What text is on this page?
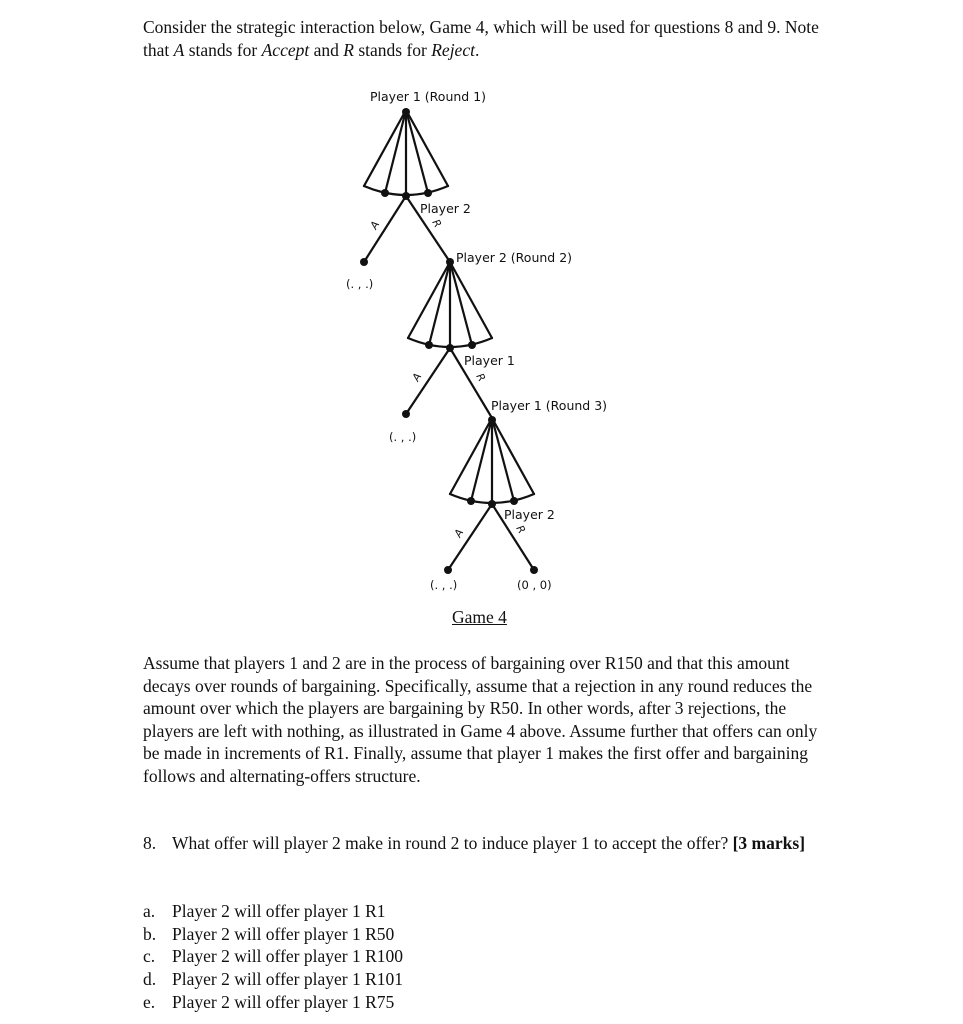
Consider the strategic interaction below, Game 4, which will be used for questions 8 and 9. Note that A stands for Accept and R stands for Reject.
Player 1 (Round 1)
Player 2
Player 2 (Round 2)
Player 1
Player 1 (Round 3)
Player 2
A	R
A	R
A	R
(. , .)
(. , .)
(. , .)	(0 , 0)
Game 4
Assume that players 1 and 2 are in the process of bargaining over R150 and that this amount decays over rounds of bargaining. Specifically, assume that a rejection in any round reduces the amount over which the players are bargaining by R50. In other words, after 3 rejections, the players are left with nothing, as illustrated in Game 4 above. Assume further that offers can only be made in increments of R1. Finally, assume that player 1 makes the first offer and bargaining follows and alternating-offers structure.
8. What offer will player 2 make in round 2 to induce player 1 to accept the offer? [3 marks]
a. Player 2 will offer player 1 R1
b. Player 2 will offer player 1 R50
c. Player 2 will offer player 1 R100
d. Player 2 will offer player 1 R101
e. Player 2 will offer player 1 R75
